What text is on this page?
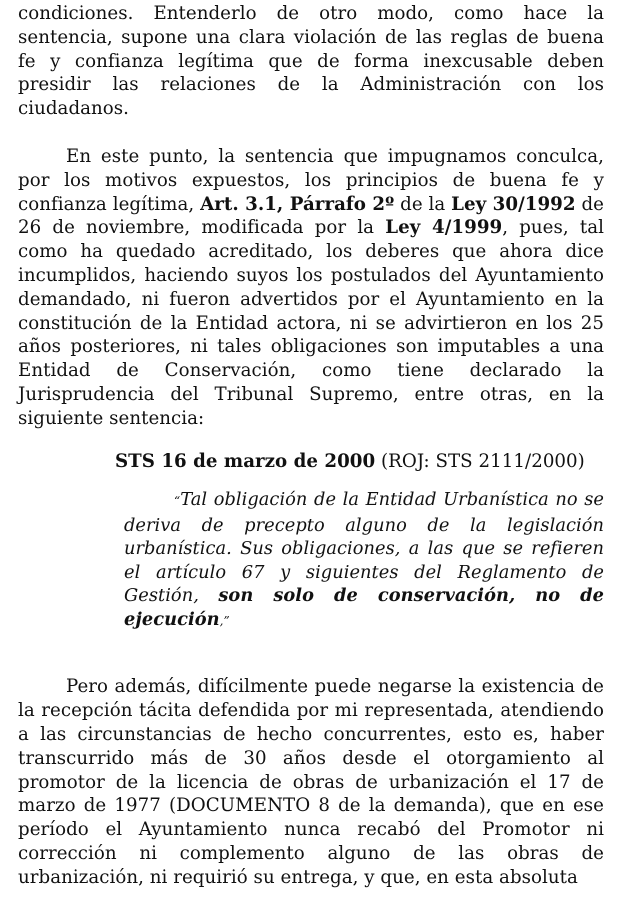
condiciones. Entenderlo de otro modo, como hace la sentencia, supone una clara violación de las reglas de buena fe y confianza legítima que de forma inexcusable deben presidir las relaciones de la Administración con los ciudadanos.

En este punto, la sentencia que impugnamos conculca, por los motivos expuestos, los principios de buena fe y confianza legítima, Art. 3.1, Párrafo 2º de la Ley 30/1992 de 26 de noviembre, modificada por la Ley 4/1999, pues, tal como ha quedado acreditado, los deberes que ahora dice incumplidos, haciendo suyos los postulados del Ayuntamiento demandado, ni fueron advertidos por el Ayuntamiento en la constitución de la Entidad actora, ni se advirtieron en los 25 años posteriores, ni tales obligaciones son imputables a una Entidad de Conservación, como tiene declarado la Jurisprudencia del Tribunal Supremo, entre otras, en la siguiente sentencia:

STS 16 de marzo de 2000 (ROJ: STS 2111/2000)

“Tal obligación de la Entidad Urbanística no se deriva de precepto alguno de la legislación urbanística. Sus obligaciones, a las que se refieren el artículo 67 y siguientes del Reglamento de Gestión, son solo de conservación, no de ejecución,”

Pero además, difícilmente puede negarse la existencia de la recepción tácita defendida por mi representada, atendiendo a las circunstancias de hecho concurrentes, esto es, haber transcurrido más de 30 años desde el otorgamiento al promotor de la licencia de obras de urbanización el 17 de marzo de 1977 (DOCUMENTO 8 de la demanda), que en ese período el Ayuntamiento nunca recabó del Promotor ni corrección ni complemento alguno de las obras de urbanización, ni requirió su entrega, y que, en esta absoluta
